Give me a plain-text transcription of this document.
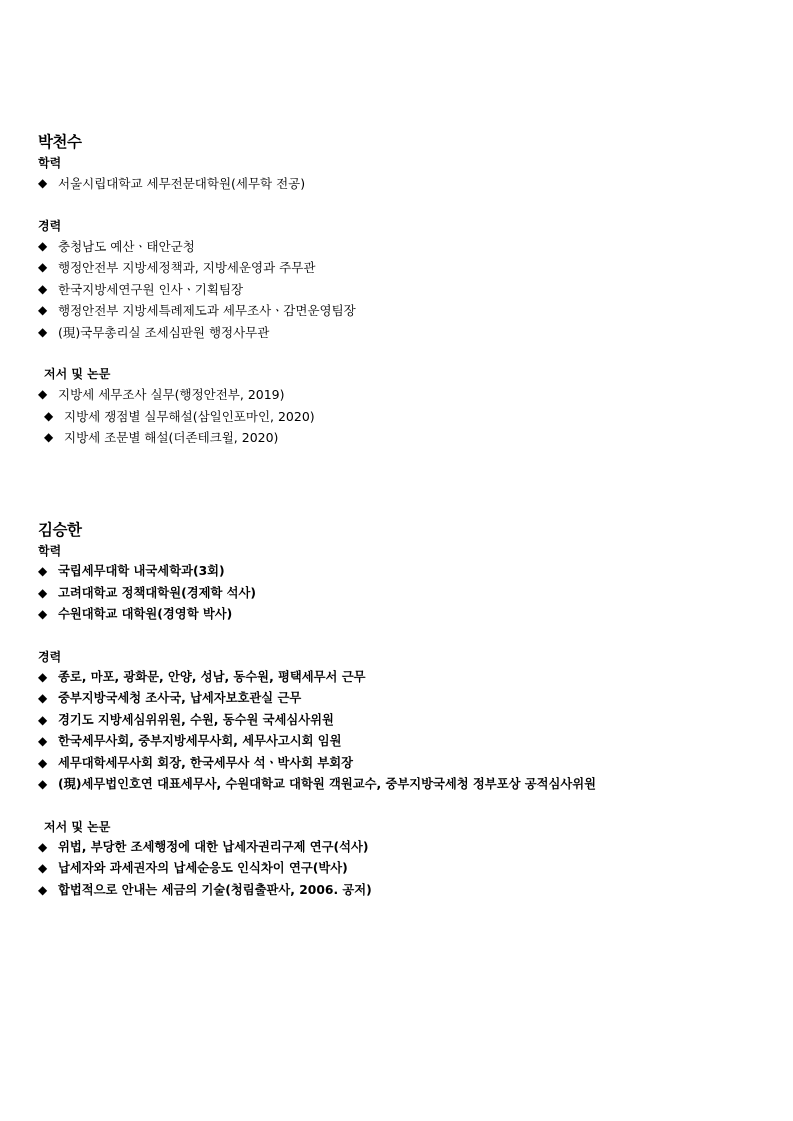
박천수
학력
◆ 서울시립대학교 세무전문대학원(세무학 전공)
경력
◆ 충청남도 예산ㆍ태안군청
◆ 행정안전부 지방세정책과, 지방세운영과 주무관
◆ 한국지방세연구원 인사ㆍ기획팀장
◆ 행정안전부 지방세특례제도과 세무조사ㆍ감면운영팀장
◆ (現)국무총리실 조세심판원 행정사무관
저서 및 논문
◆ 지방세 세무조사 실무(행정안전부, 2019)
◆ 지방세 쟁점별 실무해설(삼일인포마인, 2020)
◆ 지방세 조문별 해설(더존테크윌, 2020)
김승한
학력
◆ 국립세무대학 내국세학과(3회)
◆ 고려대학교 정책대학원(경제학 석사)
◆ 수원대학교 대학원(경영학 박사)
경력
◆ 종로, 마포, 광화문, 안양, 성남, 동수원, 평택세무서 근무
◆ 중부지방국세청 조사국, 납세자보호관실 근무
◆ 경기도 지방세심위위원, 수원, 동수원 국세심사위원
◆ 한국세무사회, 중부지방세무사회, 세무사고시회 임원
◆ 세무대학세무사회 회장, 한국세무사 석ㆍ박사회 부회장
◆ (現)세무법인호연 대표세무사, 수원대학교 대학원 객원교수, 중부지방국세청 정부포상 공적심사위원
저서 및 논문
◆ 위법, 부당한 조세행정에 대한 납세자권리구제 연구(석사)
◆ 납세자와 과세권자의 납세순응도 인식차이 연구(박사)
◆ 합법적으로 안내는 세금의 기술(청림출판사, 2006. 공저)
